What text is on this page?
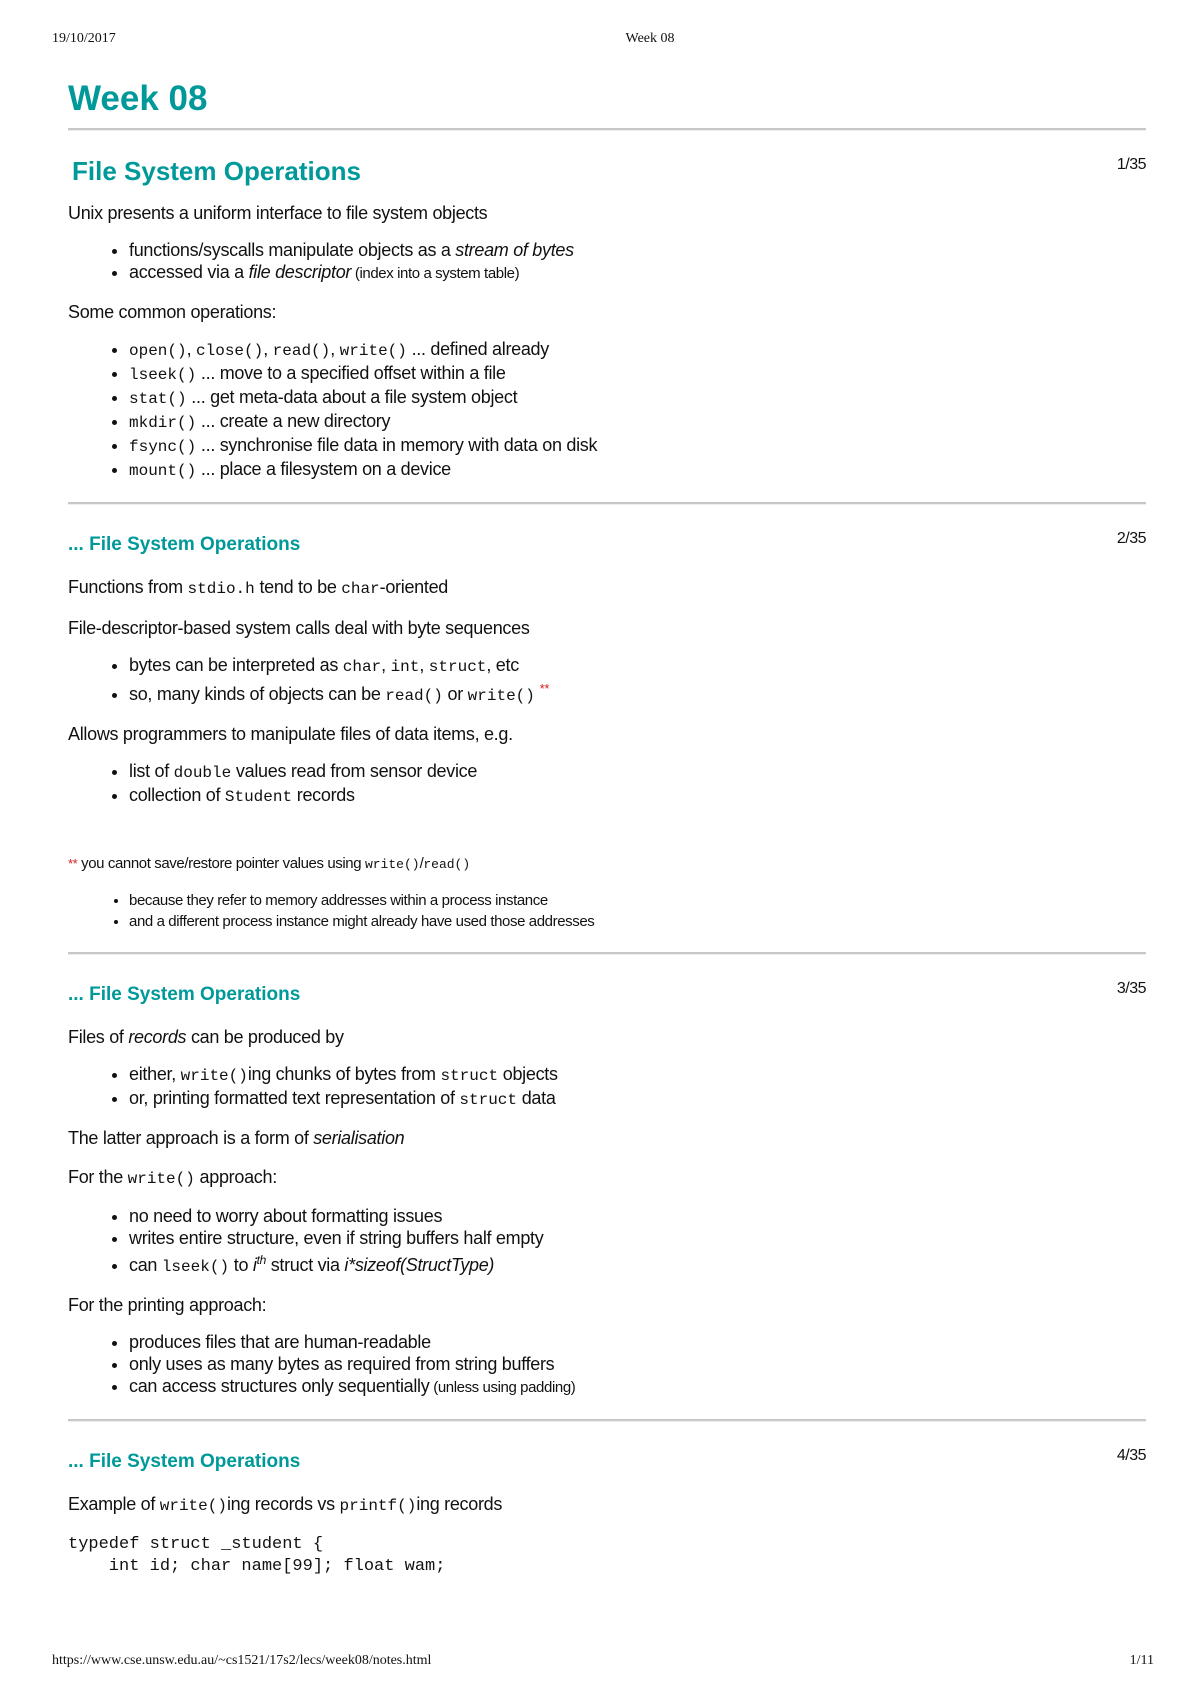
19/10/2017	Week 08
Week 08
File System Operations	1/35

Unix presents a uniform interface to file system objects

• functions/syscalls manipulate objects as a stream of bytes
• accessed via a file descriptor (index into a system table)

Some common operations:

• open(), close(), read(), write() ... defined already
• lseek() ... move to a specified offset within a file
• stat() ... get meta-data about a file system object
• mkdir() ... create a new directory
• fsync() ... synchronise file data in memory with data on disk
• mount() ... place a filesystem on a device
... File System Operations	2/35

Functions from stdio.h tend to be char-oriented

File-descriptor-based system calls deal with byte sequences

• bytes can be interpreted as char, int, struct, etc
• so, many kinds of objects can be read() or write() **

Allows programmers to manipulate files of data items, e.g.

• list of double values read from sensor device
• collection of Student records

** you cannot save/restore pointer values using write()/read()

• because they refer to memory addresses within a process instance
• and a different process instance might already have used those addresses
... File System Operations	3/35

Files of records can be produced by

• either, write()ing chunks of bytes from struct objects
• or, printing formatted text representation of struct data

The latter approach is a form of serialisation

For the write() approach:

• no need to worry about formatting issues
• writes entire structure, even if string buffers half empty
• can lseek() to $i^{th}$ struct via i*sizeof(StructType)

For the printing approach:

• produces files that are human-readable
• only uses as many bytes as required from string buffers
• can access structures only sequentially (unless using padding)
... File System Operations	4/35

Example of write()ing records vs printf()ing records

typedef struct _student {
int id; char name[99]; float wam;
https://www.cse.unsw.edu.au/~cs1521/17s2/lecs/week08/notes.html	1/11
